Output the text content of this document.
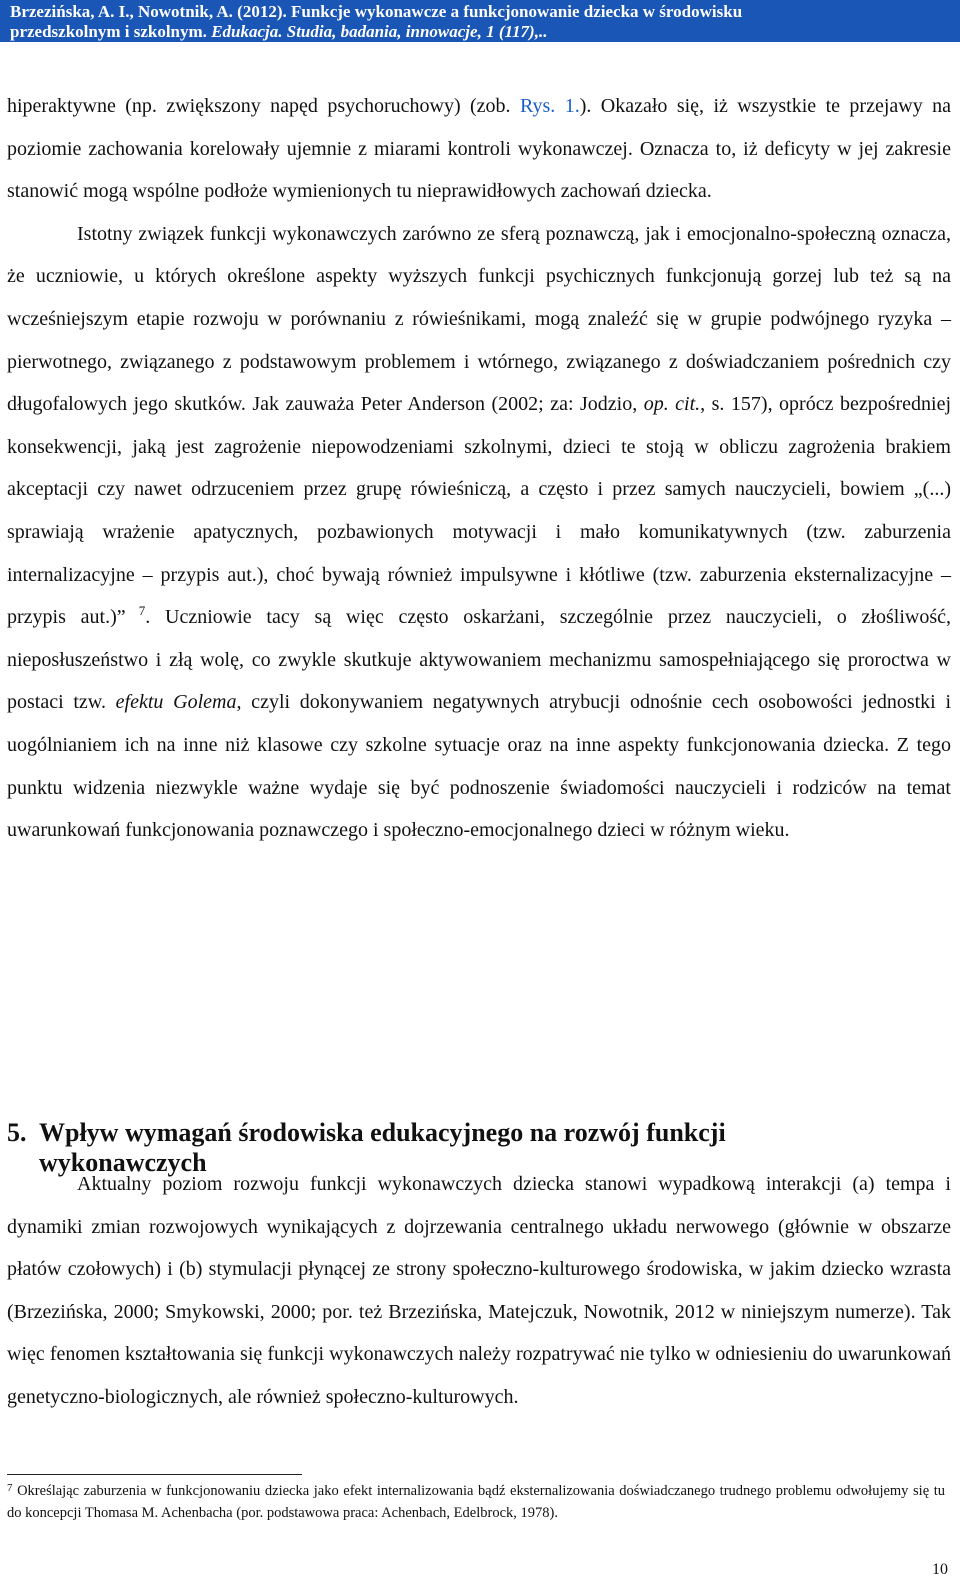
Brzezińska, A. I., Nowotnik, A. (2012). Funkcje wykonawcze a funkcjonowanie dziecka w środowisku
przedszkolnym i szkolnym. Edukacja. Studia, badania, innowacje, 1 (117),..

hiperaktywne (np. zwiększony napęd psychoruchowy) (zob. Rys. 1.). Okazało się, iż wszystkie te przejawy na poziomie zachowania korelowały ujemnie z miarami kontroli wykonawczej. Oznacza to, iż deficyty w jej zakresie stanowić mogą wspólne podłoże wymienionych tu nieprawidłowych zachowań dziecka.

Istotny związek funkcji wykonawczych zarówno ze sferą poznawczą, jak i emocjonalno-społeczną oznacza, że uczniowie, u których określone aspekty wyższych funkcji psychicznych funkcjonują gorzej lub też są na wcześniejszym etapie rozwoju w porównaniu z rówieśnikami, mogą znaleźć się w grupie podwójnego ryzyka – pierwotnego, związanego z podstawowym problemem i wtórnego, związanego z doświadczaniem pośrednich czy długofalowych jego skutków. Jak zauważa Peter Anderson (2002; za: Jodzio, op. cit., s. 157), oprócz bezpośredniej konsekwencji, jaką jest zagrożenie niepowodzeniami szkolnymi, dzieci te stoją w obliczu zagrożenia brakiem akceptacji czy nawet odrzuceniem przez grupę rówieśniczą, a często i przez samych nauczycieli, bowiem „(...) sprawiają wrażenie apatycznych, pozbawionych motywacji i mało komunikatywnych (tzw. zaburzenia internalizacyjne – przypis aut.), choć bywają również impulsywne i kłótliwe (tzw. zaburzenia eksternalizacyjne – przypis aut.)” $^7$. Uczniowie tacy są więc często oskarżani, szczególnie przez nauczycieli, o złośliwość, nieposłuszeństwo i złą wolę, co zwykle skutkuje aktywowaniem mechanizmu samospełniającego się proroctwa w postaci tzw. efektu Golema, czyli dokonywaniem negatywnych atrybucji odnośnie cech osobowości jednostki i uogólnianiem ich na inne niż klasowe czy szkolne sytuacje oraz na inne aspekty funkcjonowania dziecka. Z tego punktu widzenia niezwykle ważne wydaje się być podnoszenie świadomości nauczycieli i rodziców na temat uwarunkowań funkcjonowania poznawczego i społeczno-emocjonalnego dzieci w różnym wieku.

5. Wpływ wymagań środowiska edukacyjnego na rozwój funkcji
wykonawczych

Aktualny poziom rozwoju funkcji wykonawczych dziecka stanowi wypadkową interakcji (a) tempa i dynamiki zmian rozwojowych wynikających z dojrzewania centralnego układu nerwowego (głównie w obszarze płatów czołowych) i (b) stymulacji płynącej ze strony społeczno-kulturowego środowiska, w jakim dziecko wzrasta (Brzezińska, 2000; Smykowski, 2000; por. też Brzezińska, Matejczuk, Nowotnik, 2012 w niniejszym numerze). Tak więc fenomen kształtowania się funkcji wykonawczych należy rozpatrywać nie tylko w odniesieniu do uwarunkowań genetyczno-biologicznych, ale również społeczno-kulturowych.

$^7$ Określając zaburzenia w funkcjonowaniu dziecka jako efekt internalizowania bądź eksternalizowania doświadczanego trudnego problemu odwołujemy się tu do koncepcji Thomasa M. Achenbacha (por. podstawowa praca: Achenbach, Edelbrock, 1978).
10
